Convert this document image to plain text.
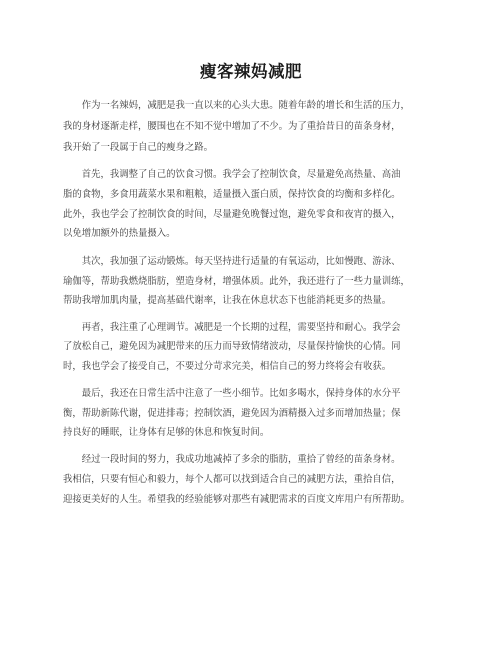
瘦客辣妈减肥

　　作为一名辣妈，减肥是我一直以来的心头大患。随着年龄的增长和生活的压力，

我的身材逐渐走样，腰围也在不知不觉中增加了不少。为了重拾昔日的苗条身材，

我开始了一段属于自己的瘦身之路。

　　首先，我调整了自己的饮食习惯。我学会了控制饮食，尽量避免高热量、高油

脂的食物，多食用蔬菜水果和粗粮，适量摄入蛋白质，保持饮食的均衡和多样化。

此外，我也学会了控制饮食的时间，尽量避免晚餐过饱，避免零食和夜宵的摄入，

以免增加额外的热量摄入。

　　其次，我加强了运动锻炼。每天坚持进行适量的有氧运动，比如慢跑、游泳、

瑜伽等，帮助我燃烧脂肪，塑造身材，增强体质。此外，我还进行了一些力量训练，

帮助我增加肌肉量，提高基础代谢率，让我在休息状态下也能消耗更多的热量。

　　再者，我注重了心理调节。减肥是一个长期的过程，需要坚持和耐心。我学会

了放松自己，避免因为减肥带来的压力而导致情绪波动，尽量保持愉快的心情。同

时，我也学会了接受自己，不要过分苛求完美，相信自己的努力终将会有收获。

　　最后，我还在日常生活中注意了一些小细节。比如多喝水，保持身体的水分平

衡，帮助新陈代谢，促进排毒；控制饮酒，避免因为酒精摄入过多而增加热量；保

持良好的睡眠，让身体有足够的休息和恢复时间。

　　经过一段时间的努力，我成功地减掉了多余的脂肪，重拾了曾经的苗条身材。

我相信，只要有恒心和毅力，每个人都可以找到适合自己的减肥方法，重拾自信，

迎接更美好的人生。希望我的经验能够对那些有减肥需求的百度文库用户有所帮助。
